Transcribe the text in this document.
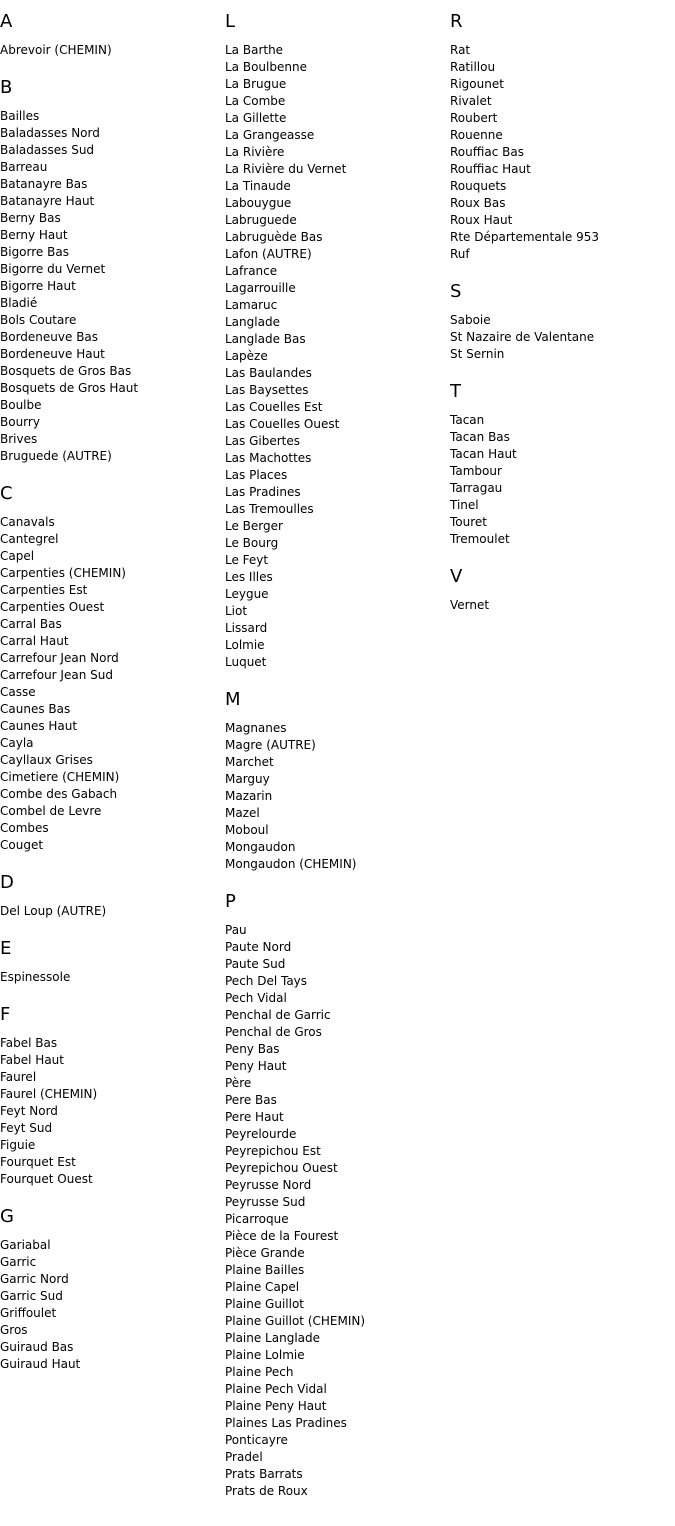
A
Abrevoir (CHEMIN)
B
Bailles
Baladasses Nord
Baladasses Sud
Barreau
Batanayre Bas
Batanayre Haut
Berny Bas
Berny Haut
Bigorre Bas
Bigorre du Vernet
Bigorre Haut
Bladié
Bols Coutare
Bordeneuve Bas
Bordeneuve Haut
Bosquets de Gros Bas
Bosquets de Gros Haut
Boulbe
Bourry
Brives
Bruguede (AUTRE)
C
Canavals
Cantegrel
Capel
Carpenties (CHEMIN)
Carpenties Est
Carpenties Ouest
Carral Bas
Carral Haut
Carrefour Jean Nord
Carrefour Jean Sud
Casse
Caunes Bas
Caunes Haut
Cayla
Cayllaux Grises
Cimetiere (CHEMIN)
Combe des Gabach
Combel de Levre
Combes
Couget
D
Del Loup (AUTRE)
E
Espinessole
F
Fabel Bas
Fabel Haut
Faurel
Faurel (CHEMIN)
Feyt Nord
Feyt Sud
Figuie
Fourquet Est
Fourquet Ouest
G
Gariabal
Garric
Garric Nord
Garric Sud
Griffoulet
Gros
Guiraud Bas
Guiraud Haut
L
La Barthe
La Boulbenne
La Brugue
La Combe
La Gillette
La Grangeasse
La Rivière
La Rivière du Vernet
La Tinaude
Labouygue
Labruguede
Labruguède Bas
Lafon (AUTRE)
Lafrance
Lagarrouille
Lamaruc
Langlade
Langlade Bas
Lapèze
Las Baulandes
Las Baysettes
Las Couelles Est
Las Couelles Ouest
Las Gibertes
Las Machottes
Las Places
Las Pradines
Las Tremoulles
Le Berger
Le Bourg
Le Feyt
Les Illes
Leygue
Liot
Lissard
Lolmie
Luquet
M
Magnanes
Magre (AUTRE)
Marchet
Marguy
Mazarin
Mazel
Moboul
Mongaudon
Mongaudon (CHEMIN)
P
Pau
Paute Nord
Paute Sud
Pech Del Tays
Pech Vidal
Penchal de Garric
Penchal de Gros
Peny Bas
Peny Haut
Père
Pere Bas
Pere Haut
Peyrelourde
Peyrepichou Est
Peyrepichou Ouest
Peyrusse Nord
Peyrusse Sud
Picarroque
Pièce de la Fourest
Pièce Grande
Plaine Bailles
Plaine Capel
Plaine Guillot
Plaine Guillot (CHEMIN)
Plaine Langlade
Plaine Lolmie
Plaine Pech
Plaine Pech Vidal
Plaine Peny Haut
Plaines Las Pradines
Ponticayre
Pradel
Prats Barrats
Prats de Roux
R
Rat
Ratillou
Rigounet
Rivalet
Roubert
Rouenne
Rouffiac Bas
Rouffiac Haut
Rouquets
Roux Bas
Roux Haut
Rte Départementale 953
Ruf
S
Saboie
St Nazaire de Valentane
St Sernin
T
Tacan
Tacan Bas
Tacan Haut
Tambour
Tarragau
Tinel
Touret
Tremoulet
V
Vernet
